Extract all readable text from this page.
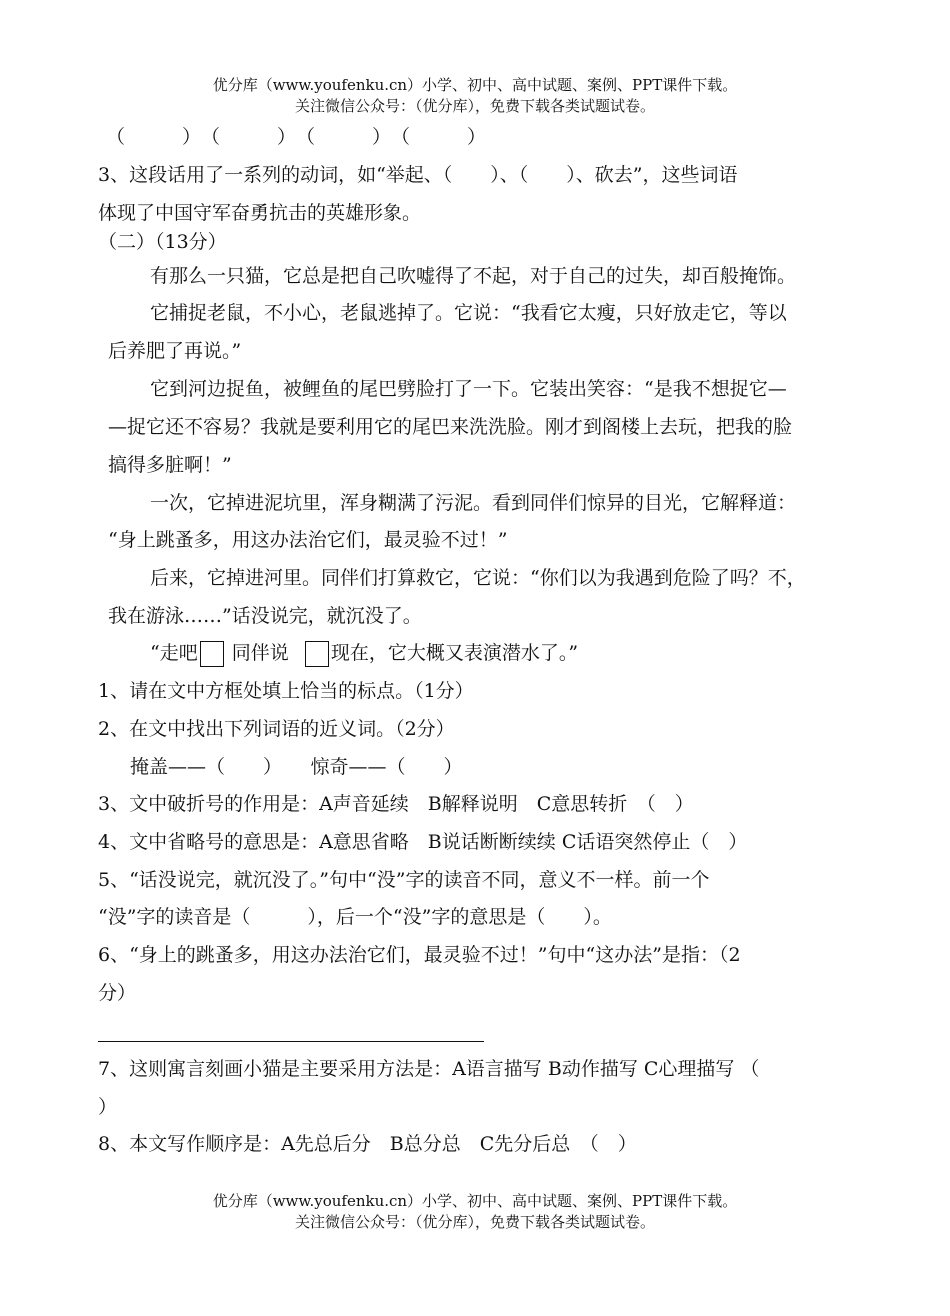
优分库（www.youfenku.cn）小学、初中、高中试题、案例、PPT课件下载。
关注微信公众号：（优分库），免费下载各类试题试卷。
（　　　）　（　　　）　（　　　）　（　　　）
3、这段话用了一系列的动词，如“举起、（　　）、（　　）、砍去”，这些词语
体现了中国守军奋勇抗击的英雄形象。
（二）（13分）
有那么一只猫，它总是把自己吹嘘得了不起，对于自己的过失，却百般掩饰。
它捕捉老鼠，不小心，老鼠逃掉了。它说：“我看它太瘦，只好放走它，等以
后养肥了再说。”
它到河边捉鱼，被鲤鱼的尾巴劈脸打了一下。它装出笑容：“是我不想捉它—
—捉它还不容易？我就是要利用它的尾巴来洗洗脸。刚才到阁楼上去玩，把我的脸
搞得多脏啊！”
一次，它掉进泥坑里，浑身糊满了污泥。看到同伴们惊异的目光，它解释道：
“身上跳蚤多，用这办法治它们，最灵验不过！”
后来，它掉进河里。同伴们打算救它，它说：“你们以为我遇到危险了吗？不，
我在游泳……”话没说完，就沉没了。
“走吧 同伴说 现在，它大概又表演潜水了。”
1、请在文中方框处填上恰当的标点。（1分）
2、在文中找出下列词语的近义词。（2分）
掩盖——（　　）　　惊奇——（　　）
3、文中破折号的作用是：A声音延续　B解释说明　C意思转折　（　）
4、文中省略号的意思是：A意思省略　B说话断断续续 C话语突然停止（　）
5、“话没说完，就沉没了。”句中“没”字的读音不同，意义不一样。前一个
“没”字的读音是（　　　），后一个“没”字的意思是（　　）。
6、“身上的跳蚤多，用这办法治它们，最灵验不过！”句中“这办法”是指：（2
分）
7、这则寓言刻画小猫是主要采用方法是：A语言描写 B动作描写 C心理描写 （
）
8、本文写作顺序是：A先总后分　B总分总　C先分后总　（　）
优分库（www.youfenku.cn）小学、初中、高中试题、案例、PPT课件下载。
关注微信公众号：（优分库），免费下载各类试题试卷。
